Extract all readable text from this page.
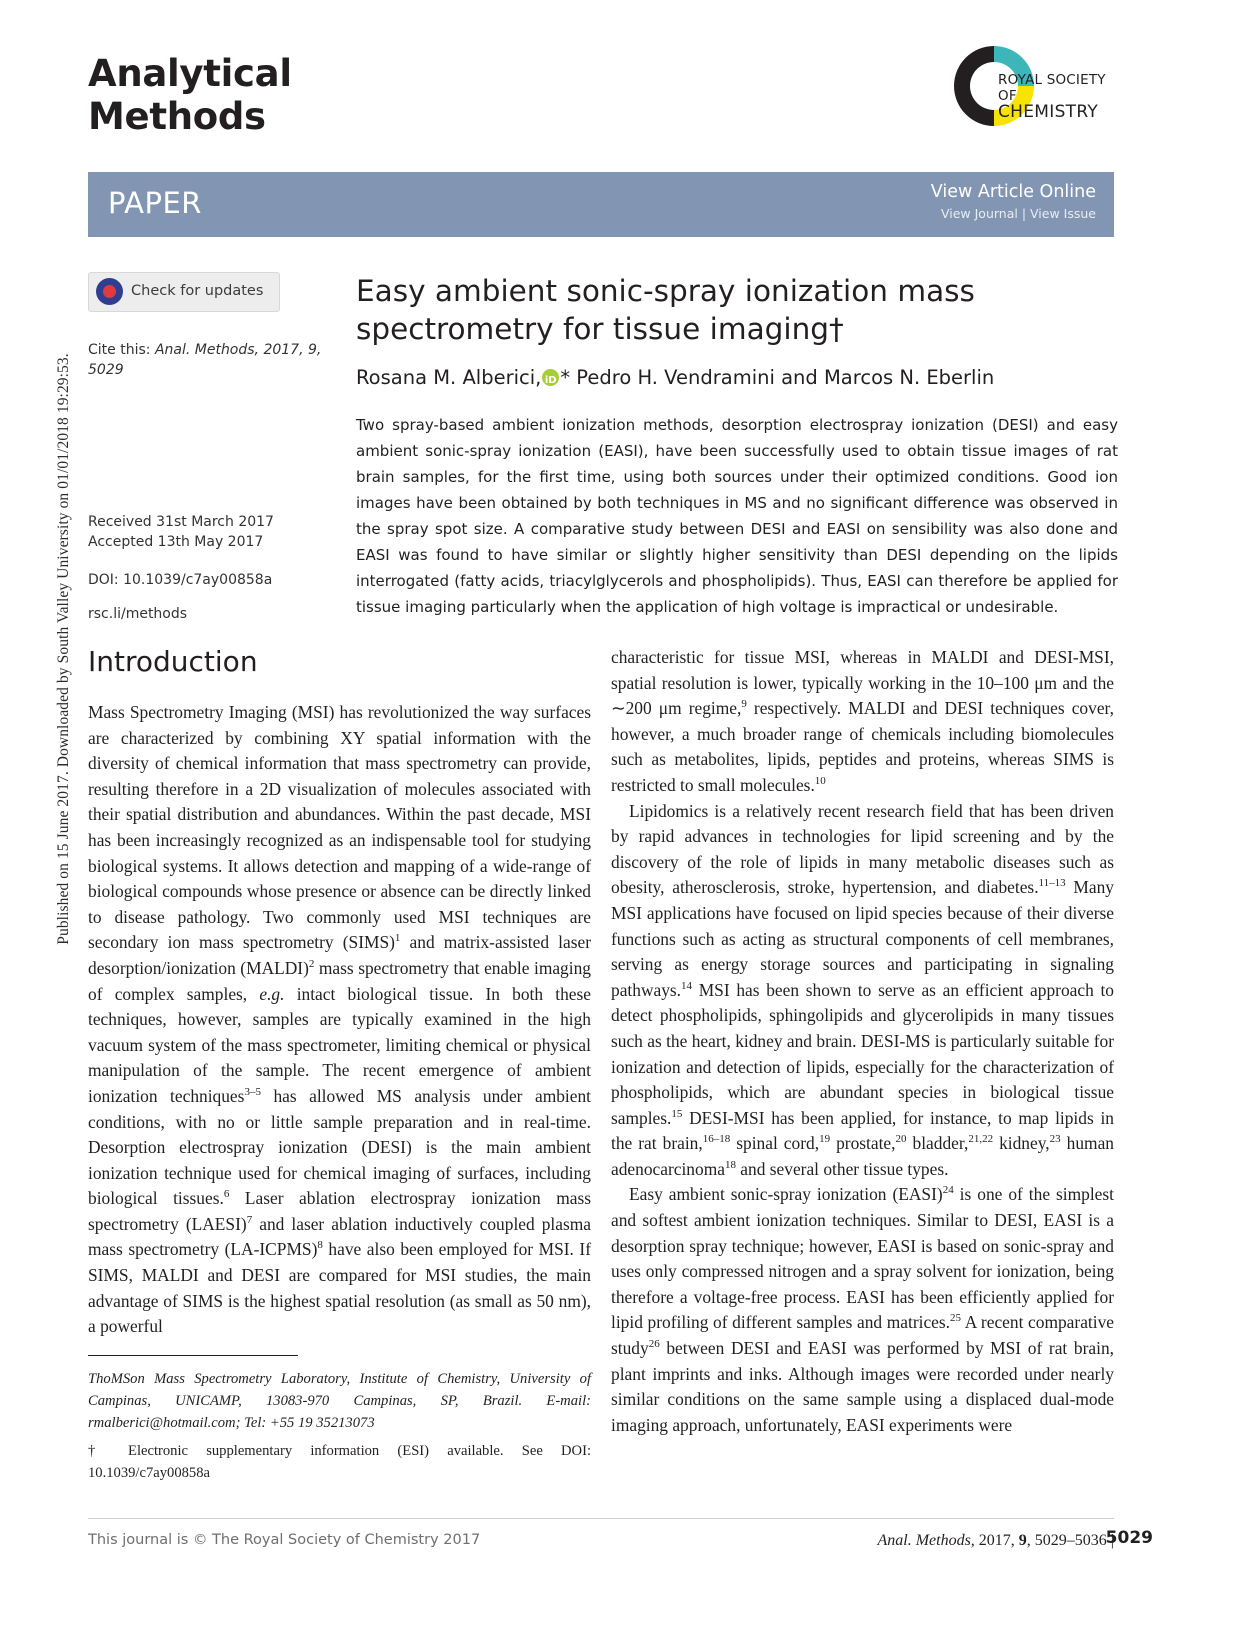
Published on 15 June 2017. Downloaded by South Valley University on 01/01/2018 19:29:53.
Analytical
Methods
ROYAL SOCIETY
OF
CHEMISTRY
PAPER	View Article Online
View Journal | View Issue
Check for updates
Cite this: Anal. Methods, 2017, 9, 5029
Received 31st March 2017
Accepted 13th May 2017
DOI: 10.1039/c7ay00858a
rsc.li/methods
Easy ambient sonic-spray ionization mass spectrometry for tissue imaging†
Rosana M. Alberici, iD * Pedro H. Vendramini and Marcos N. Eberlin
Two spray-based ambient ionization methods, desorption electrospray ionization (DESI) and easy ambient sonic-spray ionization (EASI), have been successfully used to obtain tissue images of rat brain samples, for the first time, using both sources under their optimized conditions. Good ion images have been obtained by both techniques in MS and no significant difference was observed in the spray spot size. A comparative study between DESI and EASI on sensibility was also done and EASI was found to have similar or slightly higher sensitivity than DESI depending on the lipids interrogated (fatty acids, triacylglycerols and phospholipids). Thus, EASI can therefore be applied for tissue imaging particularly when the application of high voltage is impractical or undesirable.
Introduction

Mass Spectrometry Imaging (MSI) has revolutionized the way surfaces are characterized by combining XY spatial information with the diversity of chemical information that mass spectrometry can provide, resulting therefore in a 2D visualization of molecules associated with their spatial distribution and abundances. Within the past decade, MSI has been increasingly recognized as an indispensable tool for studying biological systems. It allows detection and mapping of a wide-range of biological compounds whose presence or absence can be directly linked to disease pathology. Two commonly used MSI techniques are secondary ion mass spectrometry (SIMS)$^1$ and matrix-assisted laser desorption/ionization (MALDI)$^2$ mass spectrometry that enable imaging of complex samples, e.g. intact biological tissue. In both these techniques, however, samples are typically examined in the high vacuum system of the mass spectrometer, limiting chemical or physical manipulation of the sample. The recent emergence of ambient ionization techniques$^{3-5}$ has allowed MS analysis under ambient conditions, with no or little sample preparation and in real-time. Desorption electrospray ionization (DESI) is the main ambient ionization technique used for chemical imaging of surfaces, including biological tissues.$^6$ Laser ablation electrospray ionization mass spectrometry (LAESI)$^7$ and laser ablation inductively coupled plasma mass spectrometry (LA-ICPMS)$^8$ have also been employed for MSI. If SIMS, MALDI and DESI are compared for MSI studies, the main advantage of SIMS is the highest spatial resolution (as small as 50 nm), a powerful

characteristic for tissue MSI, whereas in MALDI and DESI-MSI, spatial resolution is lower, typically working in the 10–100 μm and the ∼200 μm regime,$^9$ respectively. MALDI and DESI techniques cover, however, a much broader range of chemicals including biomolecules such as metabolites, lipids, peptides and proteins, whereas SIMS is restricted to small molecules.$^{10}$

Lipidomics is a relatively recent research field that has been driven by rapid advances in technologies for lipid screening and by the discovery of the role of lipids in many metabolic diseases such as obesity, atherosclerosis, stroke, hypertension, and diabetes.$^{11-13}$ Many MSI applications have focused on lipid species because of their diverse functions such as acting as structural components of cell membranes, serving as energy storage sources and participating in signaling pathways.$^{14}$ MSI has been shown to serve as an efficient approach to detect phospholipids, sphingolipids and glycerolipids in many tissues such as the heart, kidney and brain. DESI-MS is particularly suitable for ionization and detection of lipids, especially for the characterization of phospholipids, which are abundant species in biological tissue samples.$^{15}$ DESI-MSI has been applied, for instance, to map lipids in the rat brain,$^{16-18}$ spinal cord,$^{19}$ prostate,$^{20}$ bladder,$^{21,22}$ kidney,$^{23}$ human adenocarcinoma$^{18}$ and several other tissue types.

Easy ambient sonic-spray ionization (EASI)$^{24}$ is one of the simplest and softest ambient ionization techniques. Similar to DESI, EASI is a desorption spray technique; however, EASI is based on sonic-spray and uses only compressed nitrogen and a spray solvent for ionization, being therefore a voltage-free process. EASI has been efficiently applied for lipid profiling of different samples and matrices.$^{25}$ A recent comparative study$^{26}$ between DESI and EASI was performed by MSI of rat brain, plant imprints and inks. Although images were recorded under nearly similar conditions on the same sample using a displaced dual-mode imaging approach, unfortunately, EASI experiments were

ThoMSon Mass Spectrometry Laboratory, Institute of Chemistry, University of Campinas, UNICAMP, 13083-970 Campinas, SP, Brazil. E-mail: rmalberici@hotmail.com; Tel: +55 19 35213073

† Electronic supplementary information (ESI) available. See DOI: 10.1039/c7ay00858a

This journal is © The Royal Society of Chemistry 2017	Anal. Methods, 2017, 9, 5029–5036 |
5029
